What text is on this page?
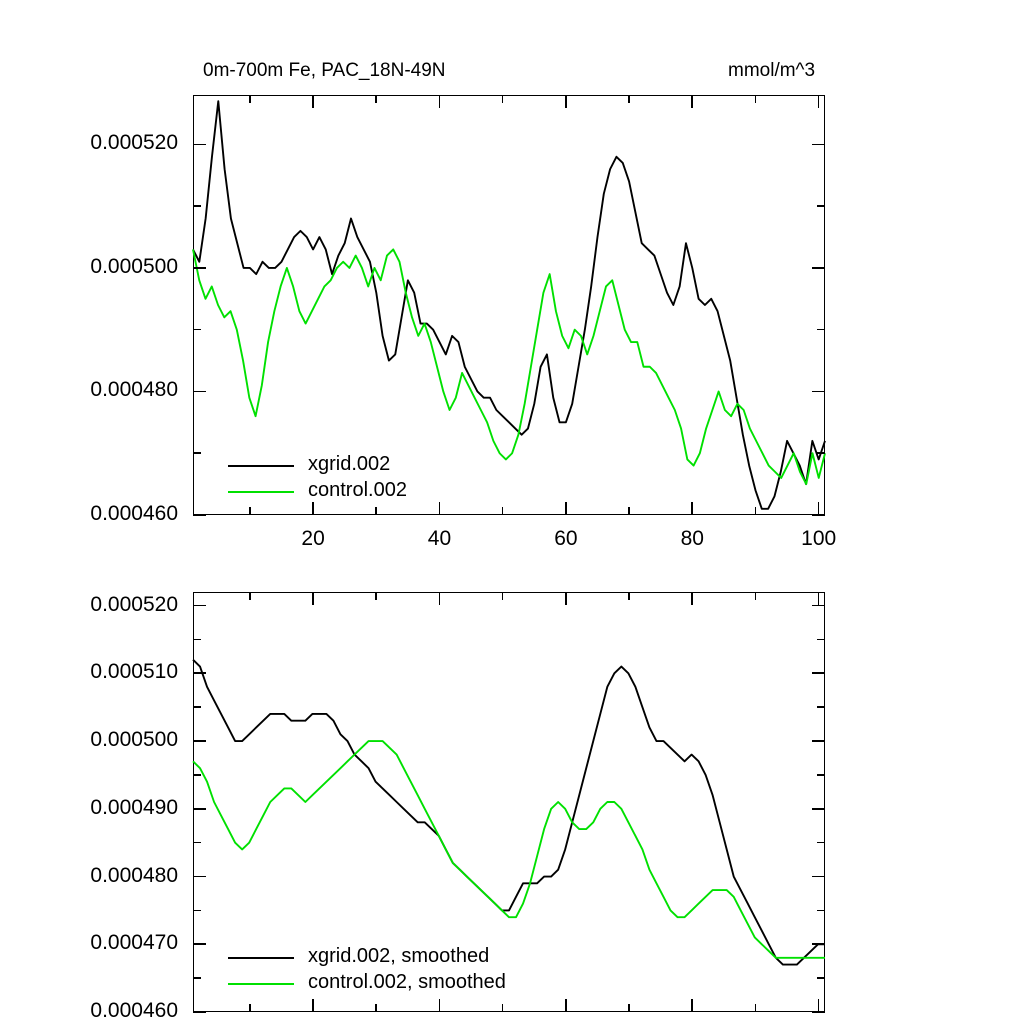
0m-700m Fe, PAC_18N-49N	mmol/m^3
0.000460
0.000480
0.000500
0.000520
20	40	60	80	100
xgrid.002
control.002
0.000460
0.000470
0.000480
0.000490
0.000500
0.000510
0.000520
xgrid.002, smoothed
control.002, smoothed
